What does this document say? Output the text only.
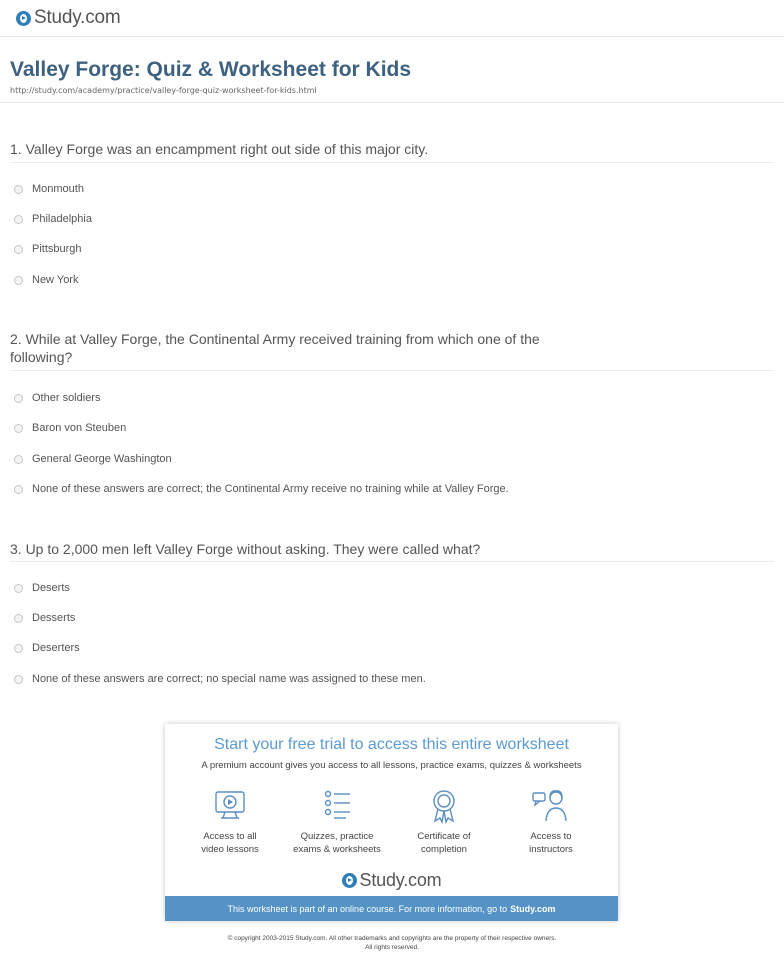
Study.com
Valley Forge: Quiz & Worksheet for Kids
http://study.com/academy/practice/valley-forge-quiz-worksheet-for-kids.html
1. Valley Forge was an encampment right out side of this major city.
Monmouth
Philadelphia
Pittsburgh
New York
2. While at Valley Forge, the Continental Army received training from which one of the following?
Other soldiers
Baron von Steuben
General George Washington
None of these answers are correct; the Continental Army receive no training while at Valley Forge.
3. Up to 2,000 men left Valley Forge without asking. They were called what?
Deserts
Desserts
Deserters
None of these answers are correct; no special name was assigned to these men.
Start your free trial to access this entire worksheet
A premium account gives you access to all lessons, practice exams, quizzes & worksheets
Access to all
video lessons
Quizzes, practice
exams & worksheets
Certificate of
completion
Access to
instructors
Study.com
This worksheet is part of an online course. For more information, go to Study.com
© copyright 2003-2015 Study.com. All other trademarks and copyrights are the property of their respective owners.
All rights reserved.
